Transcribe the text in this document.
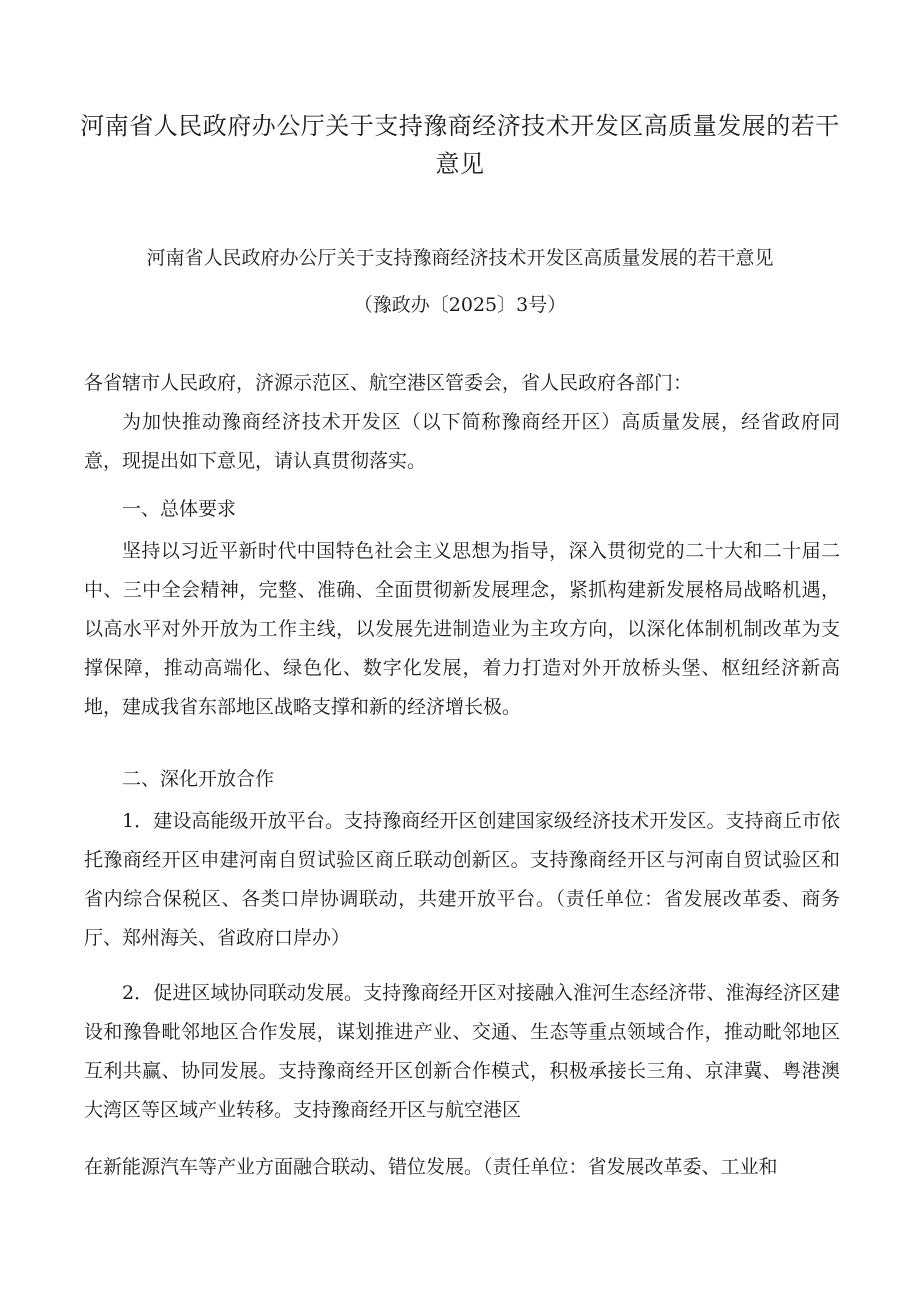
河南省人民政府办公厅关于支持豫商经济技术开发区高质量发展的若干意见
河南省人民政府办公厅关于支持豫商经济技术开发区高质量发展的若干意见
（豫政办〔2025〕3号）

各省辖市人民政府，济源示范区、航空港区管委会，省人民政府各部门：

为加快推动豫商经济技术开发区（以下简称豫商经开区）高质量发展，经省政府同意，现提出如下意见，请认真贯彻落实。

一、总体要求

坚持以习近平新时代中国特色社会主义思想为指导，深入贯彻党的二十大和二十届二中、三中全会精神，完整、准确、全面贯彻新发展理念，紧抓构建新发展格局战略机遇，以高水平对外开放为工作主线，以发展先进制造业为主攻方向，以深化体制机制改革为支撑保障，推动高端化、绿色化、数字化发展，着力打造对外开放桥头堡、枢纽经济新高地，建成我省东部地区战略支撑和新的经济增长极。

二、深化开放合作

1．建设高能级开放平台。支持豫商经开区创建国家级经济技术开发区。支持商丘市依托豫商经开区申建河南自贸试验区商丘联动创新区。支持豫商经开区与河南自贸试验区和省内综合保税区、各类口岸协调联动，共建开放平台。（责任单位：省发展改革委、商务厅、郑州海关、省政府口岸办）

2．促进区域协同联动发展。支持豫商经开区对接融入淮河生态经济带、淮海经济区建设和豫鲁毗邻地区合作发展，谋划推进产业、交通、生态等重点领域合作，推动毗邻地区互利共赢、协同发展。支持豫商经开区创新合作模式，积极承接长三角、京津冀、粤港澳大湾区等区域产业转移。支持豫商经开区与航空港区

在新能源汽车等产业方面融合联动、错位发展。（责任单位：省发展改革委、工业和
